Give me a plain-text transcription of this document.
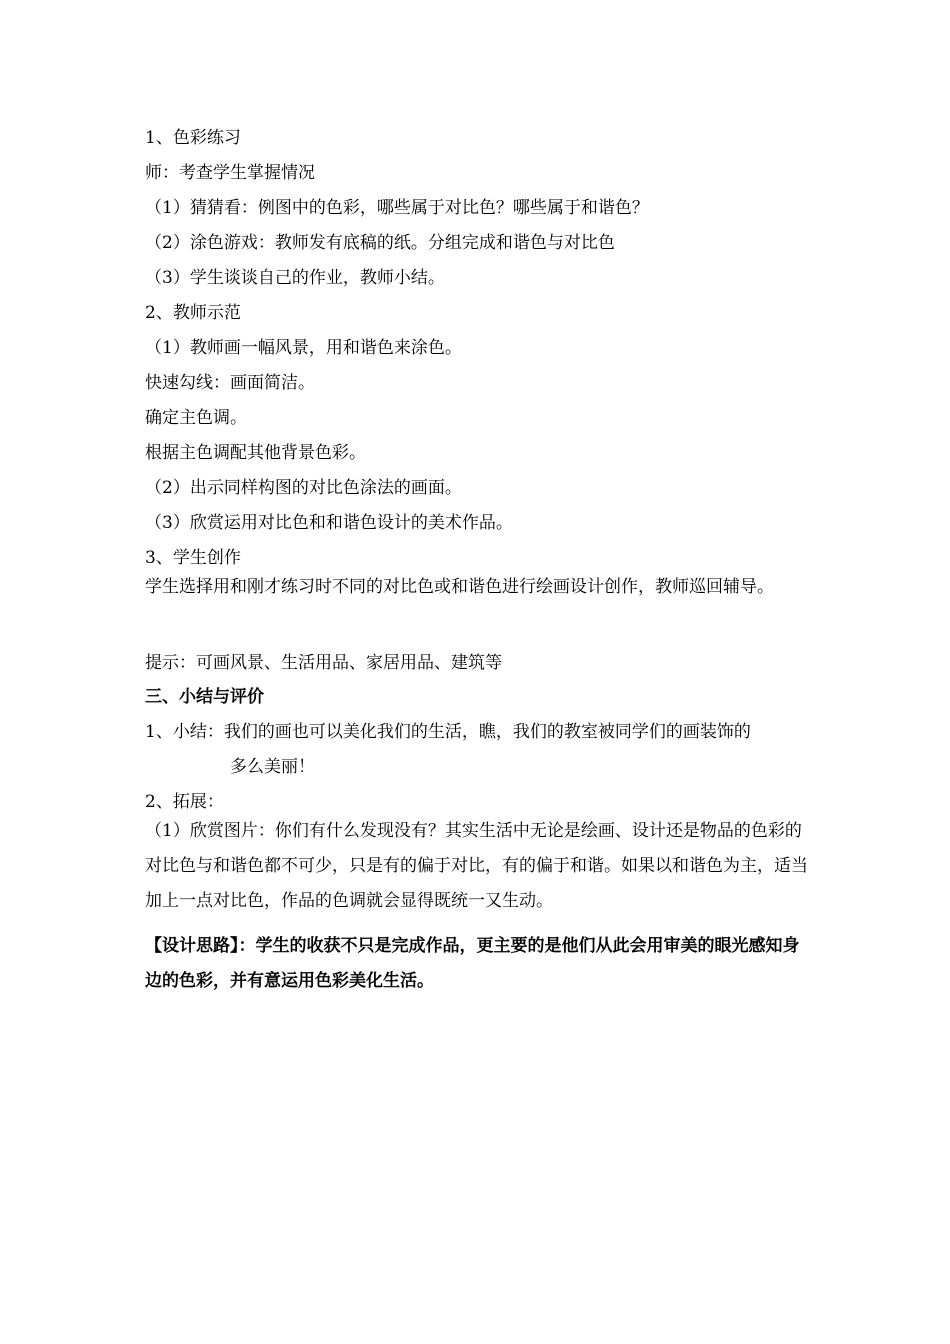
1、色彩练习
师：考查学生掌握情况
（1）猜猜看：例图中的色彩，哪些属于对比色？哪些属于和谐色？
（2）涂色游戏：教师发有底稿的纸。分组完成和谐色与对比色
（3）学生谈谈自己的作业，教师小结。
2、教师示范
（1）教师画一幅风景，用和谐色来涂色。
快速勾线：画面简洁。
确定主色调。
根据主色调配其他背景色彩。
（2）出示同样构图的对比色涂法的画面。
（3）欣赏运用对比色和和谐色设计的美术作品。
3、学生创作
学生选择用和刚才练习时不同的对比色或和谐色进行绘画设计创作，教师巡回辅导。
提示：可画风景、生活用品、家居用品、建筑等
三、小结与评价
1、小结：我们的画也可以美化我们的生活，瞧，我们的教室被同学们的画装饰的
多么美丽！
2、拓展：
（1）欣赏图片：你们有什么发现没有？其实生活中无论是绘画、设计还是物品的色彩的对比色与和谐色都不可少，只是有的偏于对比，有的偏于和谐。如果以和谐色为主，适当加上一点对比色，作品的色调就会显得既统一又生动。
【设计思路】：学生的收获不只是完成作品，更主要的是他们从此会用审美的眼光感知身边的色彩，并有意运用色彩美化生活。
